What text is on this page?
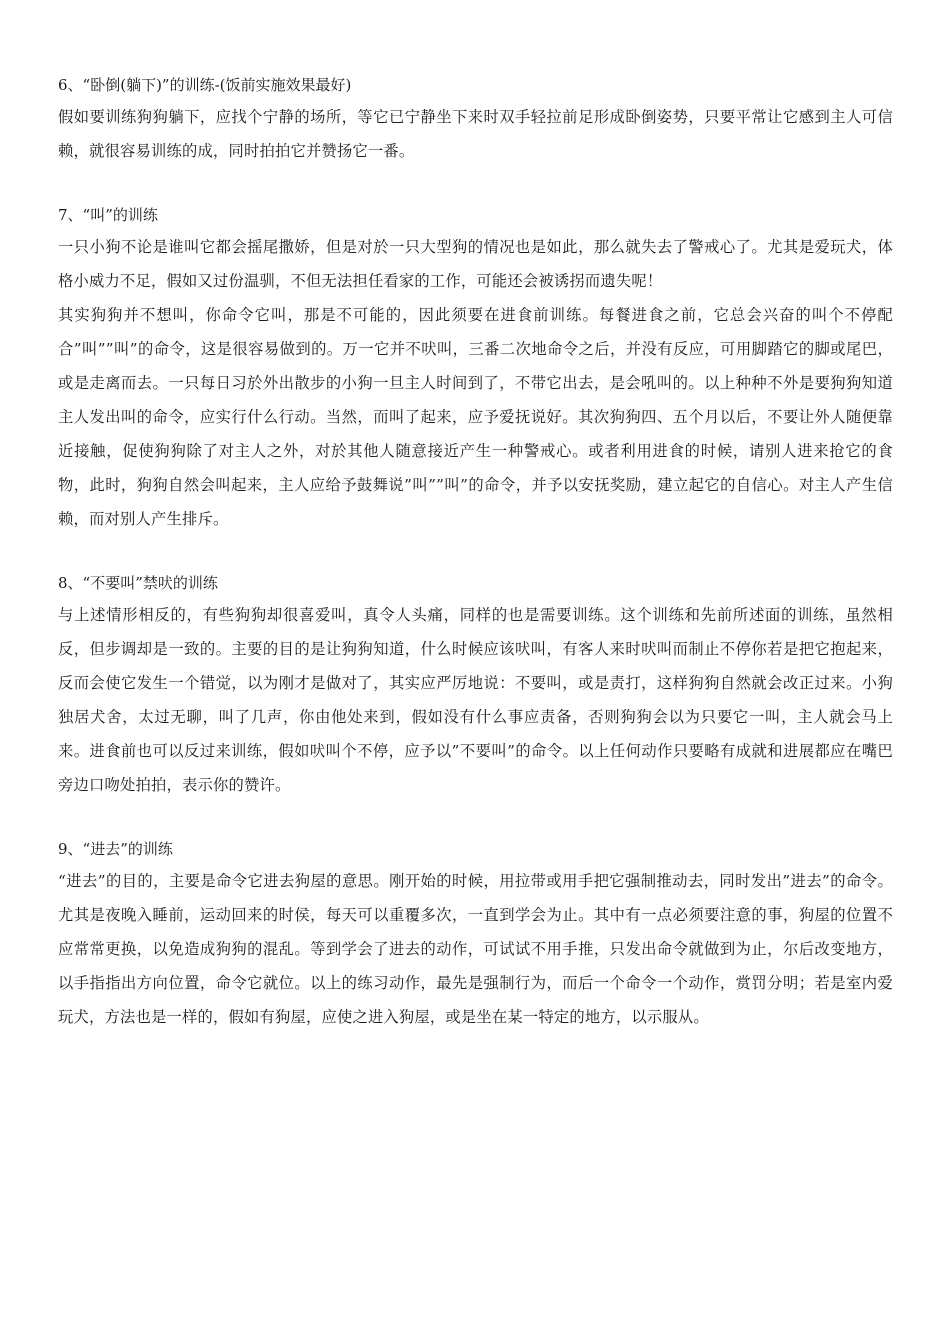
6、“卧倒(躺下)”的训练-(饭前实施效果最好)

假如要训练狗狗躺下，应找个宁静的场所，等它已宁静坐下来时双手轻拉前足形成卧倒姿势，只要平常让它感到主人可信赖，就很容易训练的成，同时拍拍它并赞扬它一番。

7、“叫”的训练

一只小狗不论是谁叫它都会摇尾撒娇，但是对於一只大型狗的情况也是如此，那么就失去了警戒心了。尤其是爱玩犬，体格小威力不足，假如又过份温驯，不但无法担任看家的工作，可能还会被诱拐而遗失呢！

其实狗狗并不想叫，你命令它叫，那是不可能的，因此须要在进食前训练。每餐进食之前，它总会兴奋的叫个不停配合”叫””叫”的命令，这是很容易做到的。万一它并不吠叫，三番二次地命令之后，并没有反应，可用脚踏它的脚或尾巴，或是走离而去。一只每日习於外出散步的小狗一旦主人时间到了，不带它出去，是会吼叫的。以上种种不外是要狗狗知道主人发出叫的命令，应实行什么行动。当然，而叫了起来，应予爱抚说好。其次狗狗四、五个月以后，不要让外人随便靠近接触，促使狗狗除了对主人之外，对於其他人随意接近产生一种警戒心。或者利用进食的时候，请别人进来抢它的食物，此时，狗狗自然会叫起来，主人应给予鼓舞说”叫””叫”的命令，并予以安抚奖励，建立起它的自信心。对主人产生信赖，而对别人产生排斥。

8、“不要叫”禁吠的训练

与上述情形相反的，有些狗狗却很喜爱叫，真令人头痛，同样的也是需要训练。这个训练和先前所述面的训练，虽然相反，但步调却是一致的。主要的目的是让狗狗知道，什么时候应该吠叫，有客人来时吠叫而制止不停你若是把它抱起来，反而会使它发生一个错觉，以为刚才是做对了，其实应严厉地说：不要叫，或是责打，这样狗狗自然就会改正过来。小狗独居犬舍，太过无聊，叫了几声，你由他处来到，假如没有什么事应责备，否则狗狗会以为只要它一叫，主人就会马上来。进食前也可以反过来训练，假如吠叫个不停，应予以”不要叫”的命令。以上任何动作只要略有成就和进展都应在嘴巴旁边口吻处拍拍，表示你的赞许。

9、“进去”的训练

“进去”的目的，主要是命令它进去狗屋的意思。刚开始的时候，用拉带或用手把它强制推动去，同时发出”进去”的命令。尤其是夜晚入睡前，运动回来的时侯，每天可以重覆多次，一直到学会为止。其中有一点必须要注意的事，狗屋的位置不应常常更换，以免造成狗狗的混乱。等到学会了进去的动作，可试试不用手推，只发出命令就做到为止，尔后改变地方，以手指指出方向位置，命令它就位。以上的练习动作，最先是强制行为，而后一个命令一个动作，赏罚分明；若是室内爱玩犬，方法也是一样的，假如有狗屋，应使之进入狗屋，或是坐在某一特定的地方，以示服从。
